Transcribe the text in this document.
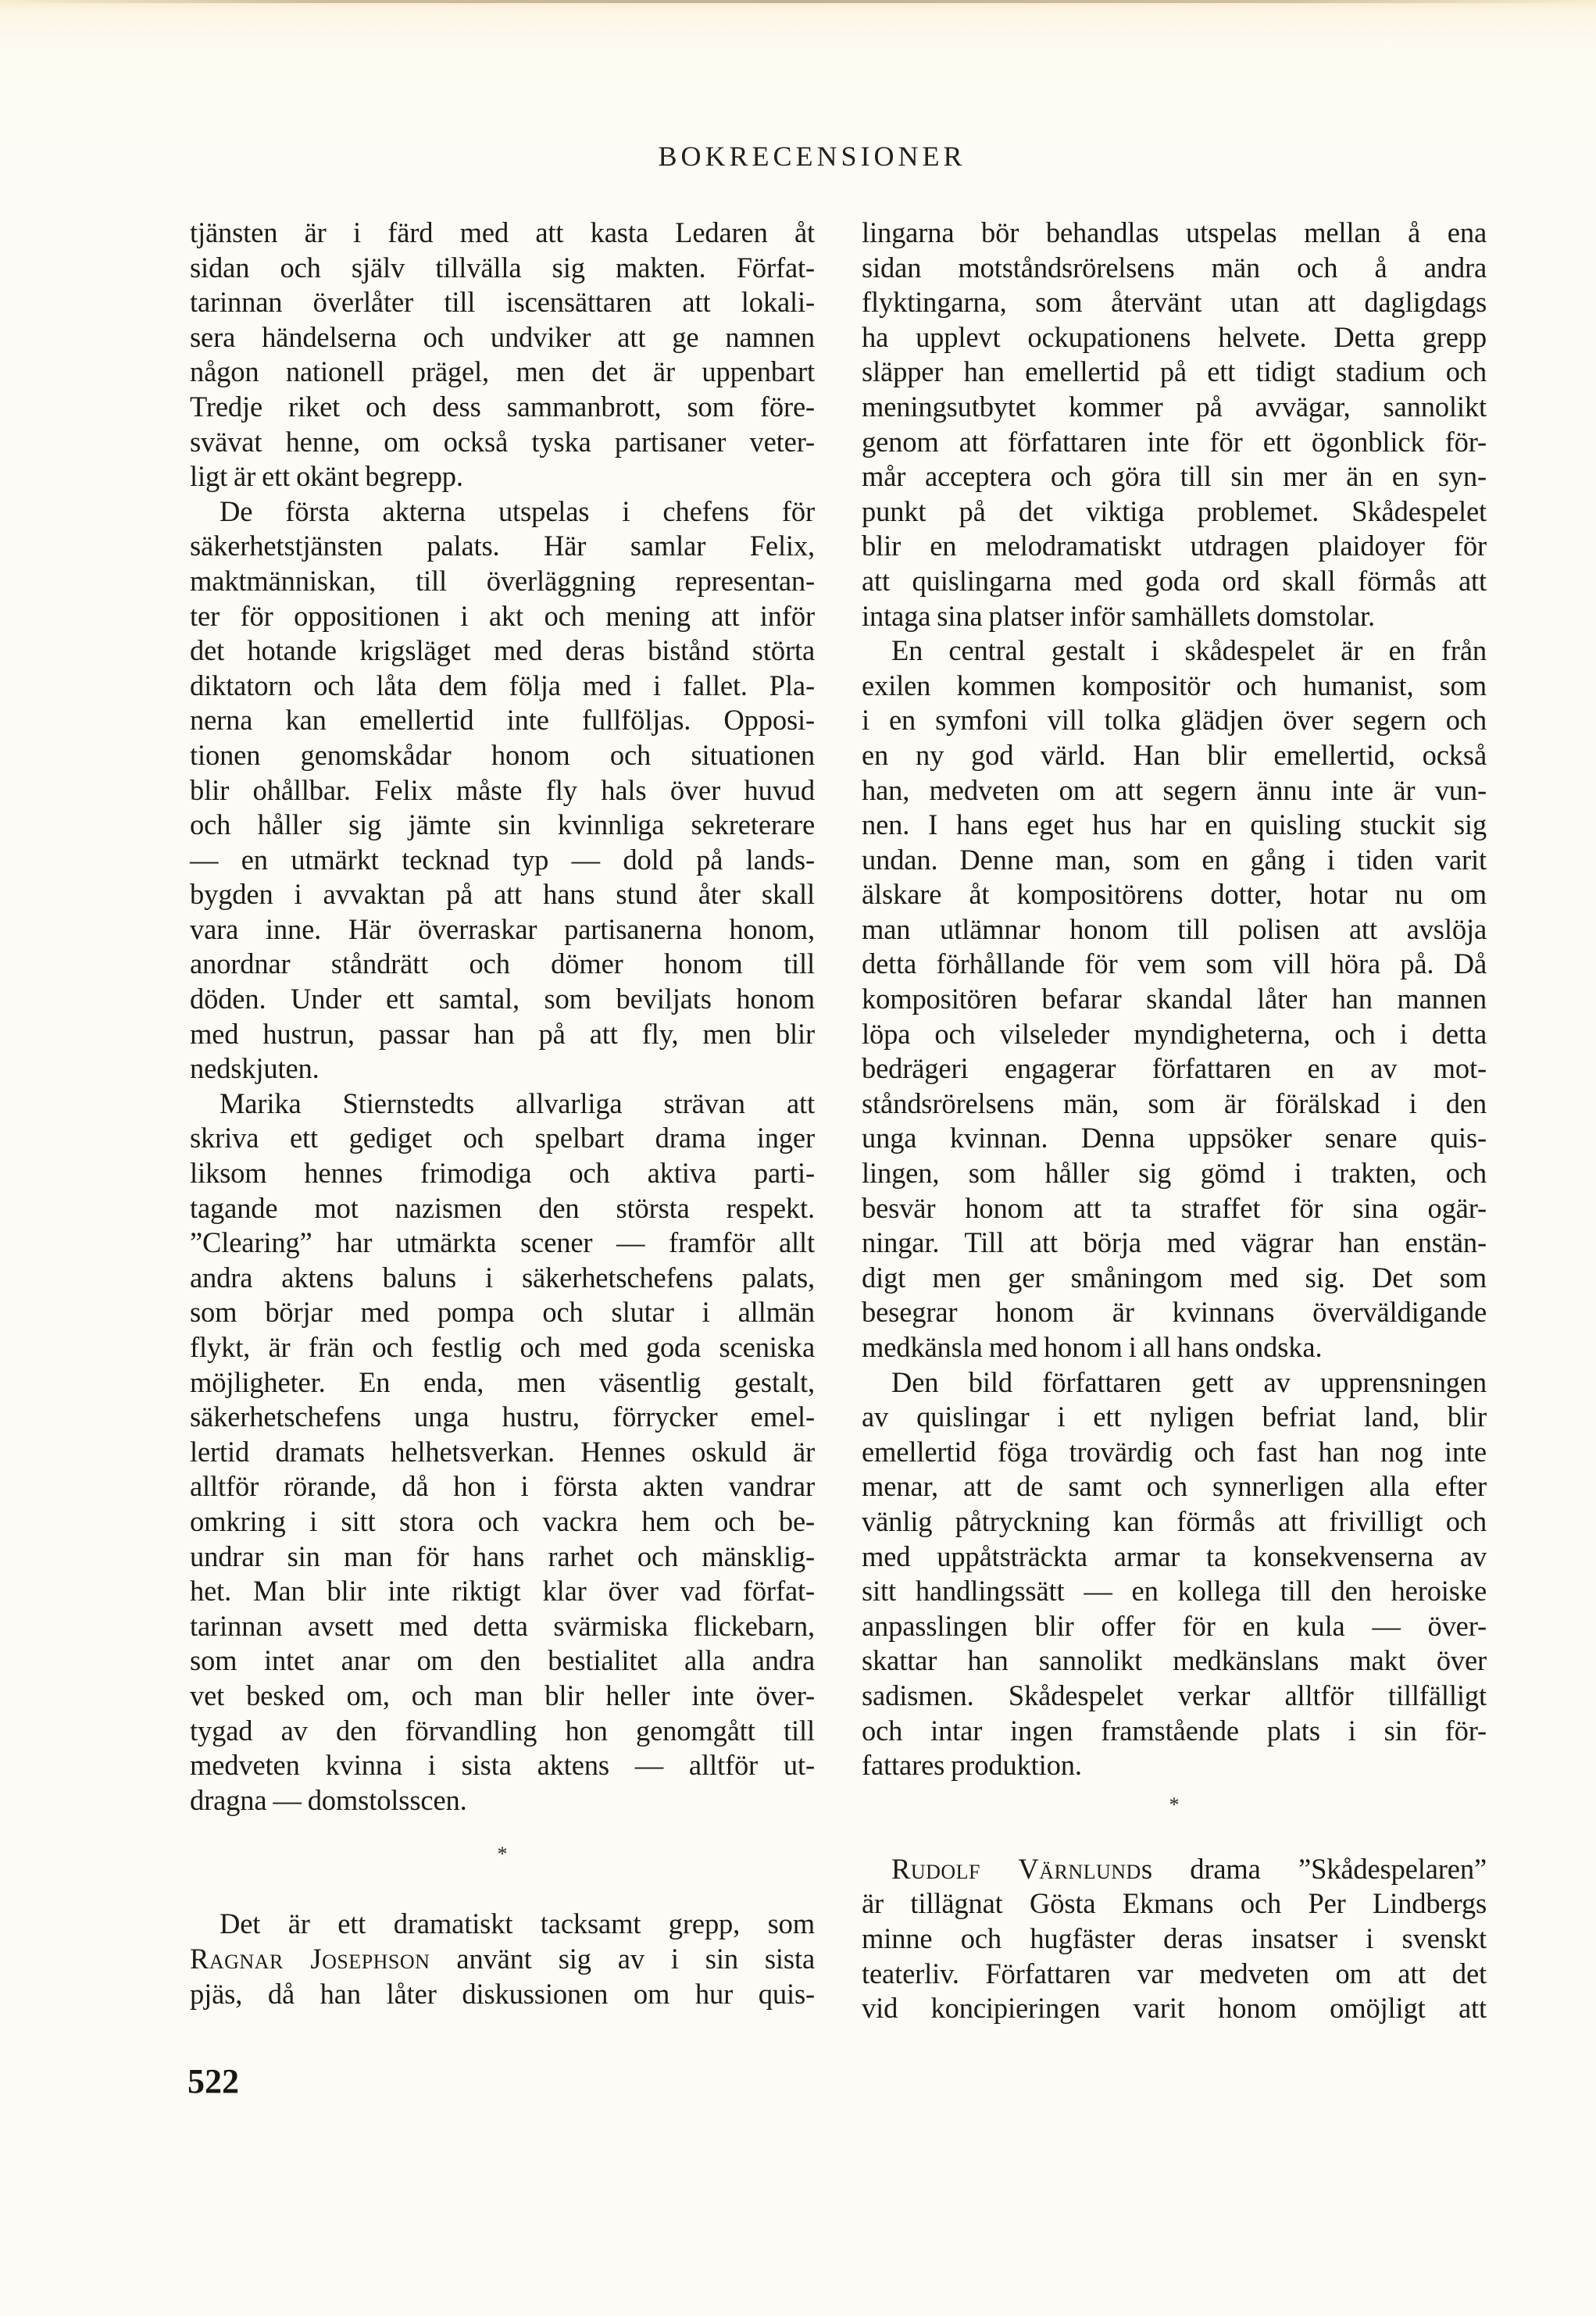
BOKRECENSIONER
tjänsten är i färd med att kasta Ledaren åt
sidan och själv tillvälla sig makten. Förfat-
tarinnan överlåter till iscensättaren att lokali-
sera händelserna och undviker att ge namnen
någon nationell prägel, men det är uppenbart
Tredje riket och dess sammanbrott, som före-
svävat henne, om också tyska partisaner veter-
ligt är ett okänt begrepp.
De första akterna utspelas i chefens för
säkerhetstjänsten palats. Här samlar Felix,
maktmänniskan, till överläggning representan-
ter för oppositionen i akt och mening att inför
det hotande krigsläget med deras bistånd störta
diktatorn och låta dem följa med i fallet. Pla-
nerna kan emellertid inte fullföljas. Opposi-
tionen genomskådar honom och situationen
blir ohållbar. Felix måste fly hals över huvud
och håller sig jämte sin kvinnliga sekreterare
— en utmärkt tecknad typ — dold på lands-
bygden i avvaktan på att hans stund åter skall
vara inne. Här överraskar partisanerna honom,
anordnar ståndrätt och dömer honom till
döden. Under ett samtal, som beviljats honom
med hustrun, passar han på att fly, men blir
nedskjuten.
Marika Stiernstedts allvarliga strävan att
skriva ett gediget och spelbart drama inger
liksom hennes frimodiga och aktiva parti-
tagande mot nazismen den största respekt.
”Clearing” har utmärkta scener — framför allt
andra aktens baluns i säkerhetschefens palats,
som börjar med pompa och slutar i allmän
flykt, är frän och festlig och med goda sceniska
möjligheter. En enda, men väsentlig gestalt,
säkerhetschefens unga hustru, förrycker emel-
lertid dramats helhetsverkan. Hennes oskuld är
alltför rörande, då hon i första akten vandrar
omkring i sitt stora och vackra hem och be-
undrar sin man för hans rarhet och mänsklig-
het. Man blir inte riktigt klar över vad förfat-
tarinnan avsett med detta svärmiska flickebarn,
som intet anar om den bestialitet alla andra
vet besked om, och man blir heller inte över-
tygad av den förvandling hon genomgått till
medveten kvinna i sista aktens — alltför ut-
dragna — domstolsscen.
*
Det är ett dramatiskt tacksamt grepp, som
Ragnar Josephson använt sig av i sin sista
pjäs, då han låter diskussionen om hur quis-
lingarna bör behandlas utspelas mellan å ena
sidan motståndsrörelsens män och å andra
flyktingarna, som återvänt utan att dagligdags
ha upplevt ockupationens helvete. Detta grepp
släpper han emellertid på ett tidigt stadium och
meningsutbytet kommer på avvägar, sannolikt
genom att författaren inte för ett ögonblick för-
mår acceptera och göra till sin mer än en syn-
punkt på det viktiga problemet. Skådespelet
blir en melodramatiskt utdragen plaidoyer för
att quislingarna med goda ord skall förmås att
intaga sina platser inför samhällets domstolar.
En central gestalt i skådespelet är en från
exilen kommen kompositör och humanist, som
i en symfoni vill tolka glädjen över segern och
en ny god värld. Han blir emellertid, också
han, medveten om att segern ännu inte är vun-
nen. I hans eget hus har en quisling stuckit sig
undan. Denne man, som en gång i tiden varit
älskare åt kompositörens dotter, hotar nu om
man utlämnar honom till polisen att avslöja
detta förhållande för vem som vill höra på. Då
kompositören befarar skandal låter han mannen
löpa och vilseleder myndigheterna, och i detta
bedrägeri engagerar författaren en av mot-
ståndsrörelsens män, som är förälskad i den
unga kvinnan. Denna uppsöker senare quis-
lingen, som håller sig gömd i trakten, och
besvär honom att ta straffet för sina ogär-
ningar. Till att börja med vägrar han enstän-
digt men ger småningom med sig. Det som
besegrar honom är kvinnans överväldigande
medkänsla med honom i all hans ondska.
Den bild författaren gett av upprensningen
av quislingar i ett nyligen befriat land, blir
emellertid föga trovärdig och fast han nog inte
menar, att de samt och synnerligen alla efter
vänlig påtryckning kan förmås att frivilligt och
med uppåtsträckta armar ta konsekvenserna av
sitt handlingssätt — en kollega till den heroiske
anpasslingen blir offer för en kula — över-
skattar han sannolikt medkänslans makt över
sadismen. Skådespelet verkar alltför tillfälligt
och intar ingen framstående plats i sin för-
fattares produktion.
*
Rudolf Värnlunds drama ”Skådespelaren”
är tillägnat Gösta Ekmans och Per Lindbergs
minne och hugfäster deras insatser i svenskt
teaterliv. Författaren var medveten om att det
vid koncipieringen varit honom omöjligt att
522
